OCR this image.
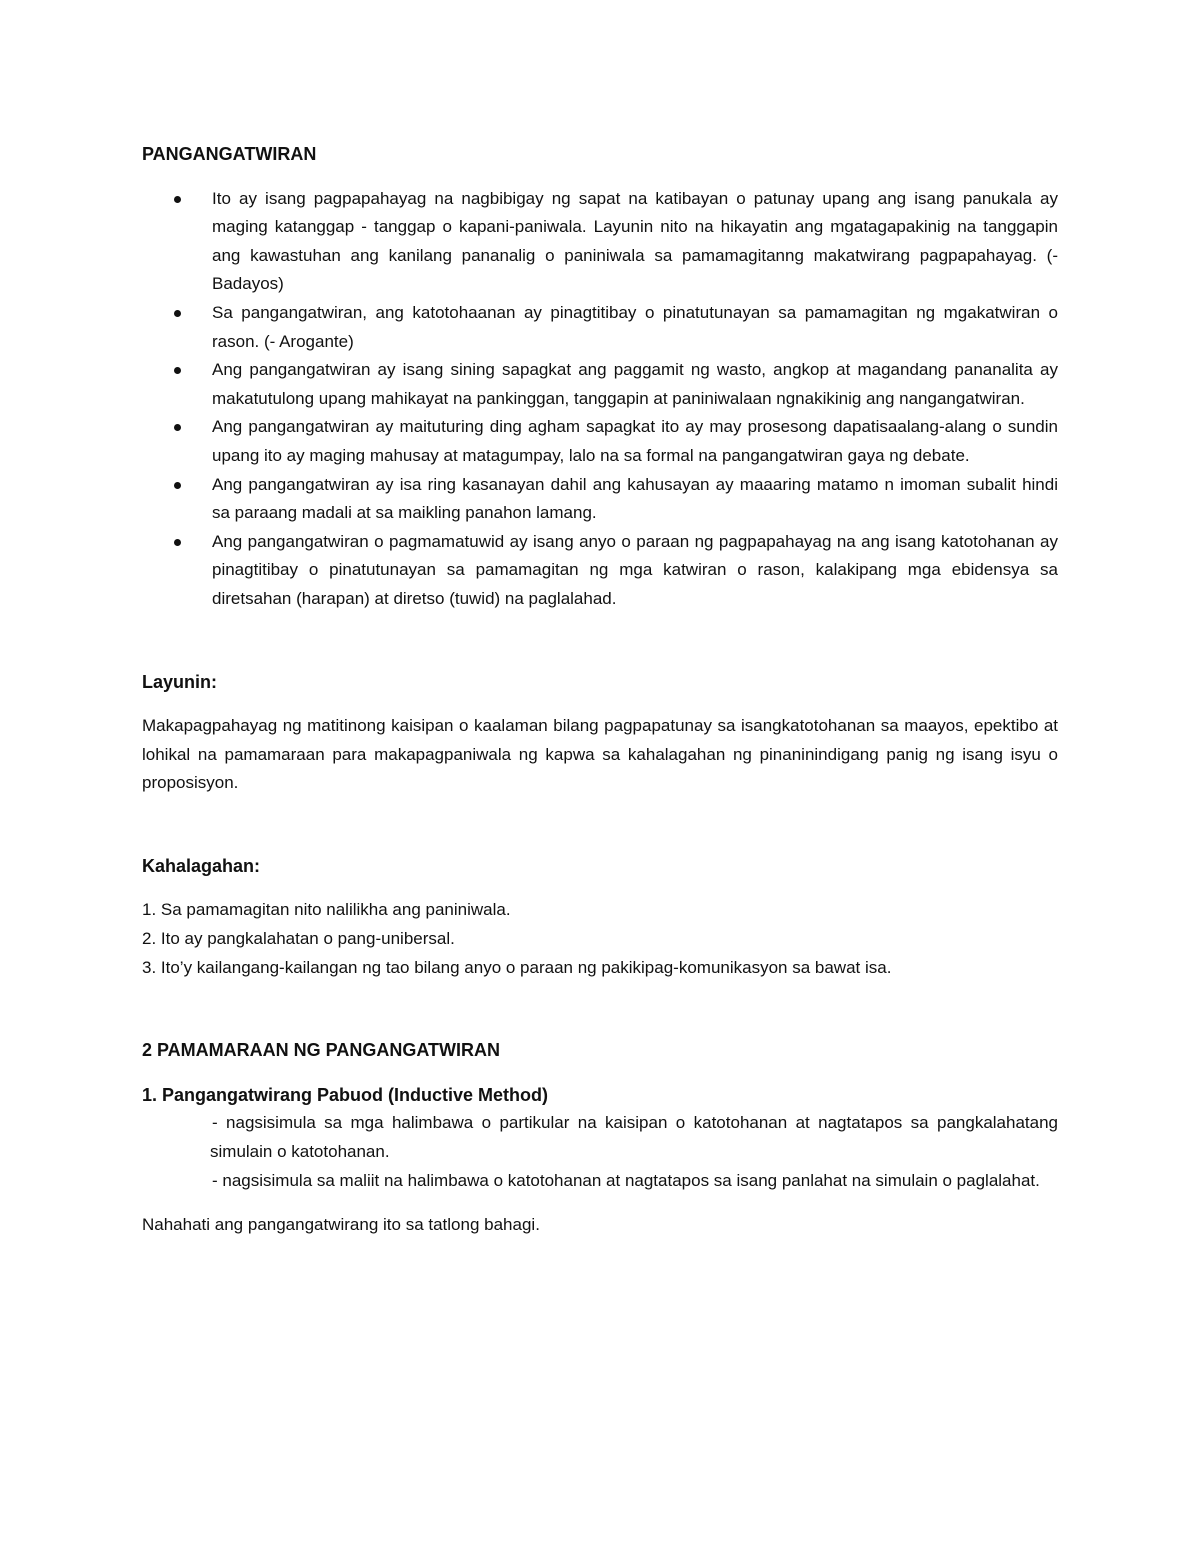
PANGANGATWIRAN

Ito ay isang pagpapahayag na nagbibigay ng sapat na katibayan o patunay upang ang isang panukala ay maging katanggap - tanggap o kapani-paniwala. Layunin nito na hikayatin ang mgatagapakinig na tanggapin ang kawastuhan ang kanilang pananalig o paniniwala sa pamamagitanng makatwirang pagpapahayag. (- Badayos)
Sa pangangatwiran, ang katotohaanan ay pinagtitibay o pinatutunayan sa pamamagitan ng mgakatwiran o rason. (- Arogante)
Ang pangangatwiran ay isang sining sapagkat ang paggamit ng wasto, angkop at magandang pananalita ay makatutulong upang mahikayat na pankinggan, tanggapin at paniniwalaan ngnakikinig ang nangangatwiran.
Ang pangangatwiran ay maituturing ding agham sapagkat ito ay may prosesong dapatisaalang-alang o sundin upang ito ay maging mahusay at matagumpay, lalo na sa formal na pangangatwiran gaya ng debate.
Ang pangangatwiran ay isa ring kasanayan dahil ang kahusayan ay maaaring matamo n imoman subalit hindi sa paraang madali at sa maikling panahon lamang.
Ang pangangatwiran o pagmamatuwid ay isang anyo o paraan ng pagpapahayag na ang isang katotohanan ay pinagtitibay o pinatutunayan sa pamamagitan ng mga katwiran o rason, kalakipang mga ebidensya sa diretsahan (harapan) at diretso (tuwid) na paglalahad.

Layunin:

Makapagpahayag ng matitinong kaisipan o kaalaman bilang pagpapatunay sa isangkatotohanan sa maayos, epektibo at lohikal na pamamaraan para makapagpaniwala ng kapwa sa kahalagahan ng pinaninindigang panig ng isang isyu o proposisyon.

Kahalagahan:

1. Sa pamamagitan nito nalilikha ang paniniwala.
2. Ito ay pangkalahatan o pang-unibersal.
3. Ito’y kailangang-kailangan ng tao bilang anyo o paraan ng pakikipag-komunikasyon sa bawat isa.

2 PAMAMARAAN NG PANGANGATWIRAN

1. Pangangatwirang Pabuod (Inductive Method)

- nagsisimula sa mga halimbawa o partikular na kaisipan o katotohanan at nagtatapos sa pangkalahatangsimulain o katotohanan.

- nagsisimula sa maliit na halimbawa o katotohanan at nagtatapos sa isang panlahat na simulain o paglalahat.

Nahahati ang pangangatwirang ito sa tatlong bahagi.
